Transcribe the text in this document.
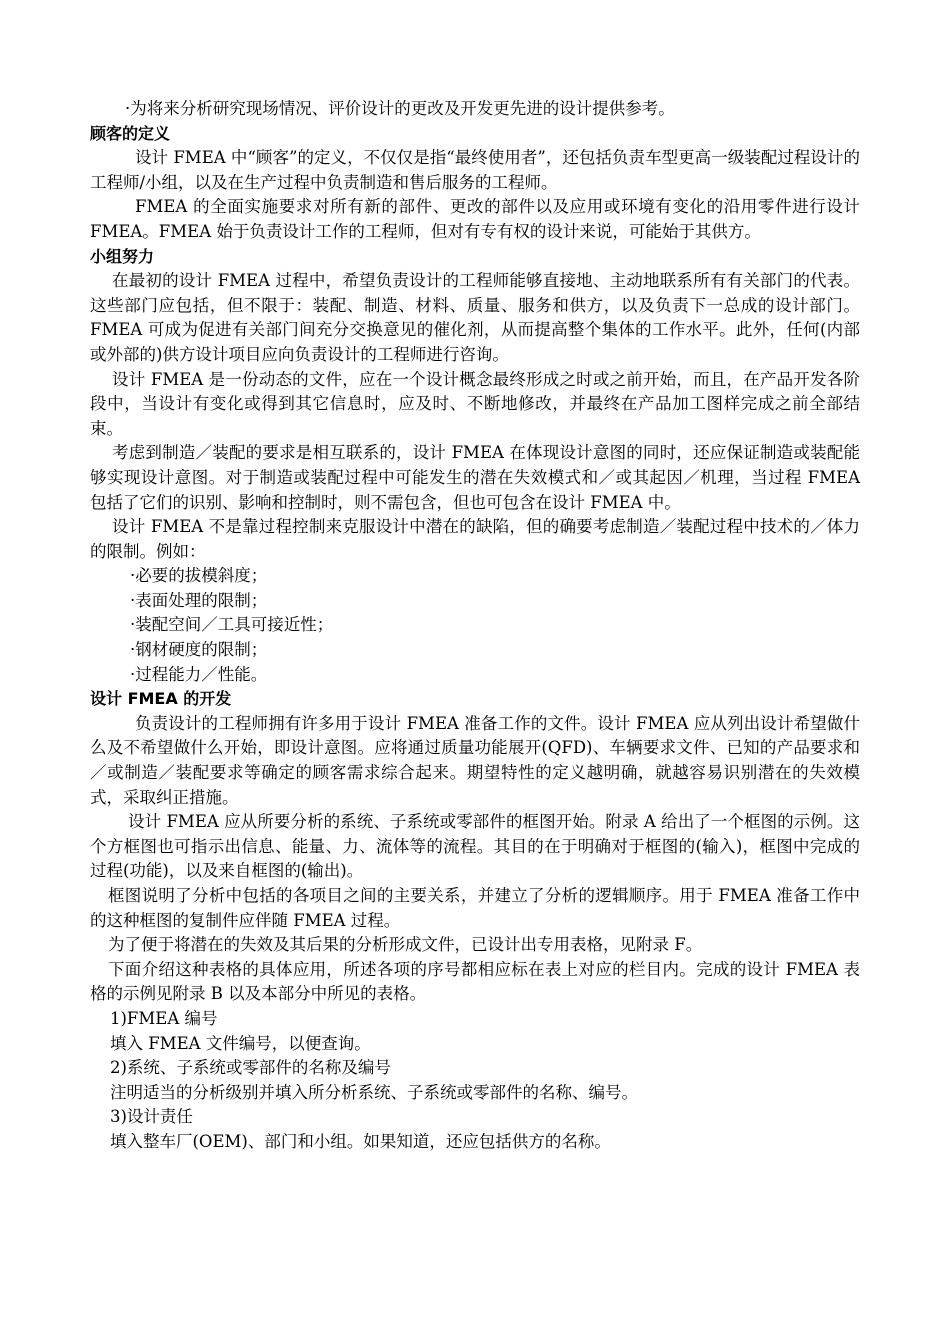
·为将来分析研究现场情况、评价设计的更改及开发更先进的设计提供参考。

顾客的定义

设计 FMEA 中“顾客”的定义，不仅仅是指“最终使用者”，还包括负责车型更高一级装配过程设计的工程师/小组，以及在生产过程中负责制造和售后服务的工程师。

FMEA 的全面实施要求对所有新的部件、更改的部件以及应用或环境有变化的沿用零件进行设计 FMEA。FMEA 始于负责设计工作的工程师，但对有专有权的设计来说，可能始于其供方。

小组努力

在最初的设计 FMEA 过程中，希望负责设计的工程师能够直接地、主动地联系所有有关部门的代表。这些部门应包括，但不限于：装配、制造、材料、质量、服务和供方，以及负责下一总成的设计部门。FMEA 可成为促进有关部门间充分交换意见的催化剂，从而提高整个集体的工作水平。此外，任何(内部或外部的)供方设计项目应向负责设计的工程师进行咨询。

设计 FMEA 是一份动态的文件，应在一个设计概念最终形成之时或之前开始，而且，在产品开发各阶段中，当设计有变化或得到其它信息时，应及时、不断地修改，并最终在产品加工图样完成之前全部结束。

考虑到制造／装配的要求是相互联系的，设计 FMEA 在体现设计意图的同时，还应保证制造或装配能够实现设计意图。对于制造或装配过程中可能发生的潜在失效模式和／或其起因／机理，当过程 FMEA 包括了它们的识别、影响和控制时，则不需包含，但也可包含在设计 FMEA 中。

设计 FMEA 不是靠过程控制来克服设计中潜在的缺陷，但的确要考虑制造／装配过程中技术的／体力的限制。例如：

·必要的拔模斜度；

·表面处理的限制；

·装配空间／工具可接近性；

·钢材硬度的限制；

·过程能力／性能。

设计 FMEA 的开发

负责设计的工程师拥有许多用于设计 FMEA 准备工作的文件。设计 FMEA 应从列出设计希望做什么及不希望做什么开始，即设计意图。应将通过质量功能展开(QFD)、车辆要求文件、已知的产品要求和／或制造／装配要求等确定的顾客需求综合起来。期望特性的定义越明确，就越容易识别潜在的失效模式，采取纠正措施。

设计 FMEA 应从所要分析的系统、子系统或零部件的框图开始。附录 A 给出了一个框图的示例。这个方框图也可指示出信息、能量、力、流体等的流程。其目的在于明确对于框图的(输入)，框图中完成的过程(功能)，以及来自框图的(输出)。

框图说明了分析中包括的各项目之间的主要关系，并建立了分析的逻辑顺序。用于 FMEA 准备工作中的这种框图的复制件应伴随 FMEA 过程。

为了便于将潜在的失效及其后果的分析形成文件，已设计出专用表格，见附录 F。

下面介绍这种表格的具体应用，所述各项的序号都相应标在表上对应的栏目内。完成的设计 FMEA 表格的示例见附录 B 以及本部分中所见的表格。

1)FMEA 编号

填入 FMEA 文件编号，以便查询。

2)系统、子系统或零部件的名称及编号

注明适当的分析级别并填入所分析系统、子系统或零部件的名称、编号。

3)设计责任

填入整车厂(OEM)、部门和小组。如果知道，还应包括供方的名称。
